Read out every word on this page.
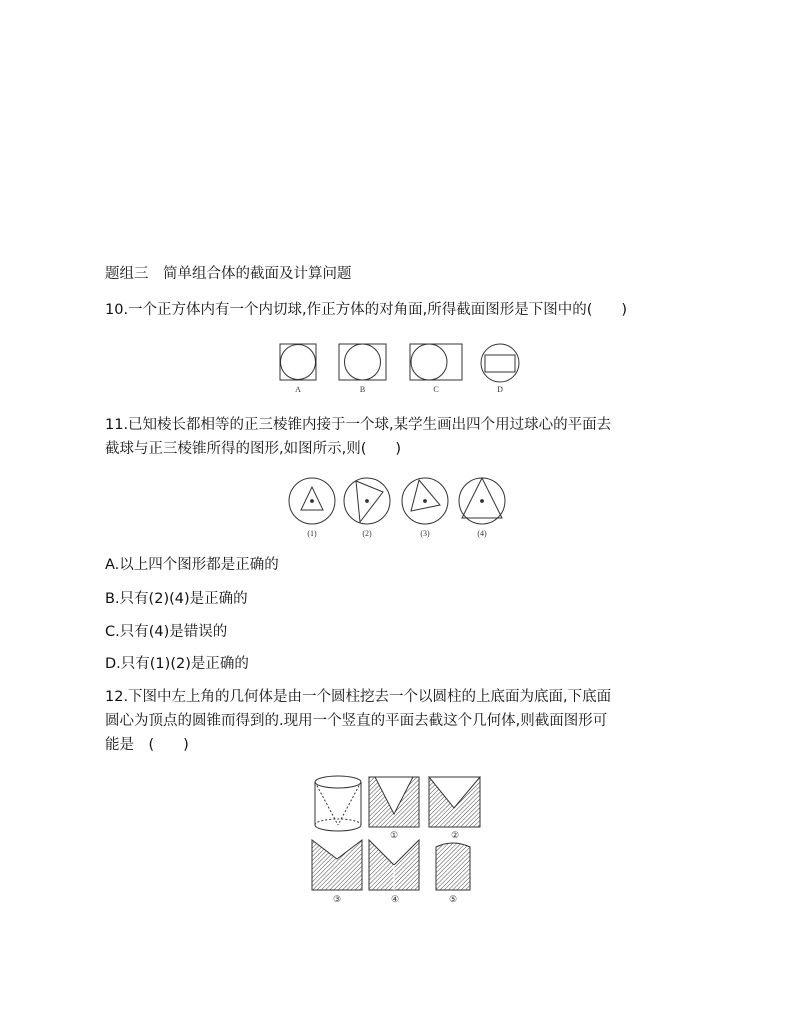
题组三　简单组合体的截面及计算问题
10.一个正方体内有一个内切球,作正方体的对角面,所得截面图形是下图中的(　　)
A	B	C	D
11.已知棱长都相等的正三棱锥内接于一个球,某学生画出四个用过球心的平面去
截球与正三棱锥所得的图形,如图所示,则(　　)
(1)	(2)	(3)	(4)
A.以上四个图形都是正确的
B.只有(2)(4)是正确的
C.只有(4)是错误的
D.只有(1)(2)是正确的
12.下图中左上角的几何体是由一个圆柱挖去一个以圆柱的上底面为底面,下底面
圆心为顶点的圆锥而得到的.现用一个竖直的平面去截这个几何体,则截面图形可
能是　(　　)
①	②
③	④	⑤
